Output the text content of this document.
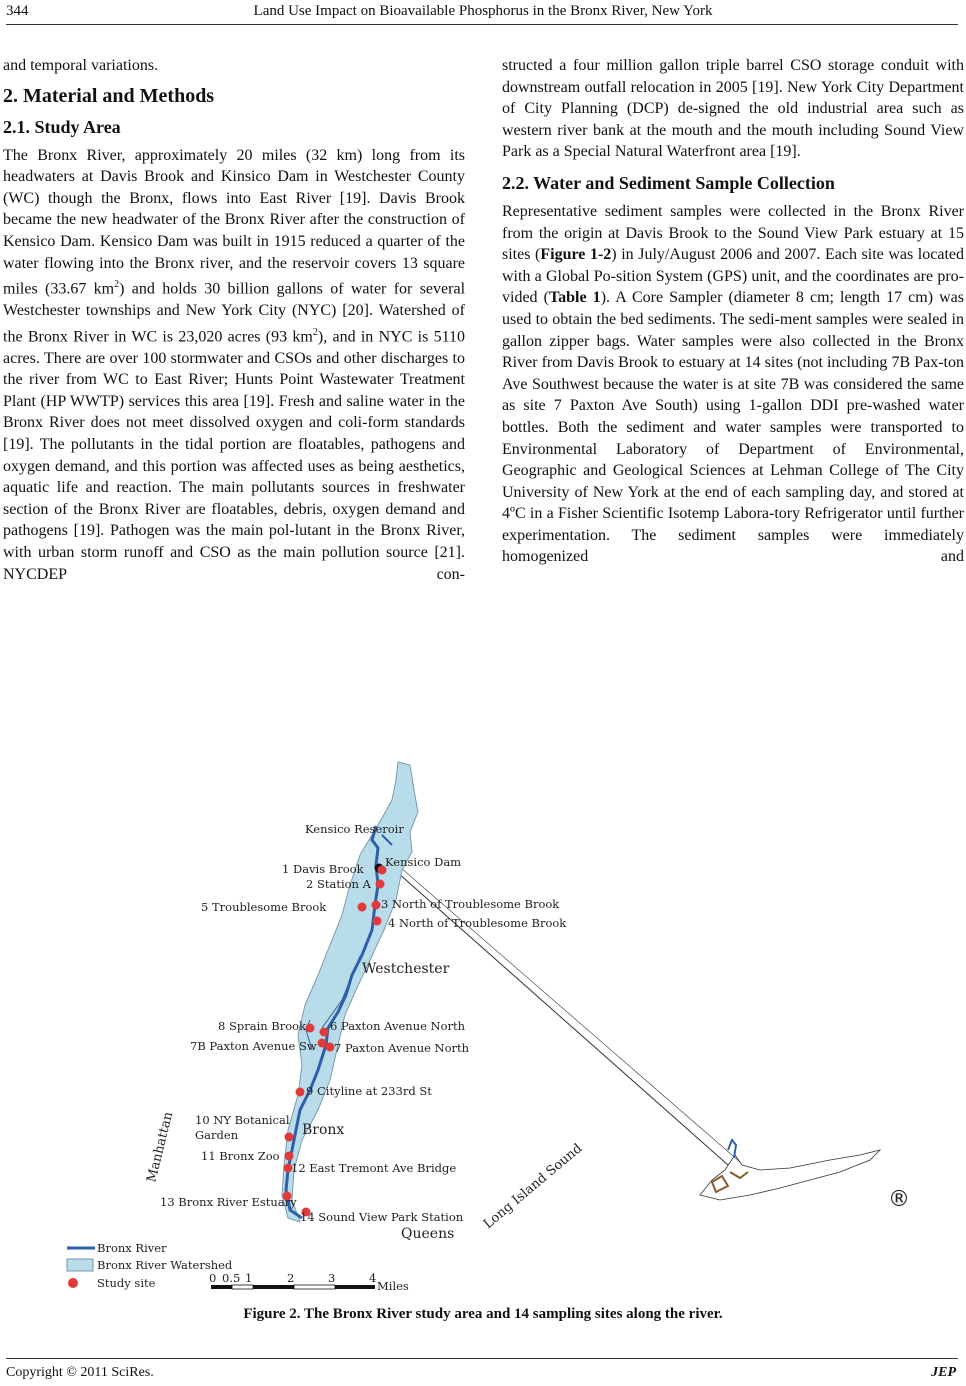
344	Land Use Impact on Bioavailable Phosphorus in the Bronx River, New York

and temporal variations.

2. Material and Methods
2.1. Study Area

The Bronx River, approximately 20 miles (32 km) long from its headwaters at Davis Brook and Kinsico Dam in Westchester County (WC) though the Bronx, flows into East River [19]. Davis Brook became the new headwater of the Bronx River after the construction of Kensico Dam. Kensico Dam was built in 1915 reduced a quarter of the water flowing into the Bronx river, and the reservoir covers 13 square miles (33.67 $km^2$) and holds 30 billion gallons of water for several Westchester townships and New York City (NYC) [20]. Watershed of the Bronx River in WC is 23,020 acres (93 $km^2$), and in NYC is 5110 acres. There are over 100 stormwater and CSOs and other discharges to the river from WC to East River; Hunts Point Wastewater Treatment Plant (HP WWTP) services this area [19]. Fresh and saline water in the Bronx River does not meet dissolved oxygen and coli-form standards [19]. The pollutants in the tidal portion are floatables, pathogens and oxygen demand, and this portion was affected uses as being aesthetics, aquatic life and reaction. The main pollutants sources in freshwater section of the Bronx River are floatables, debris, oxygen demand and pathogens [19]. Pathogen was the main pol-lutant in the Bronx River, with urban storm runoff and CSO as the main pollution source [21]. NYCDEP con-

structed a four million gallon triple barrel CSO storage conduit with downstream outfall relocation in 2005 [19]. New York City Department of City Planning (DCP) de-signed the old industrial area such as western river bank at the mouth and the mouth including Sound View Park as a Special Natural Waterfront area [19].

2.2. Water and Sediment Sample Collection

Representative sediment samples were collected in the Bronx River from the origin at Davis Brook to the Sound View Park estuary at 15 sites (Figure 1-2) in July/August 2006 and 2007. Each site was located with a Global Po-sition System (GPS) unit, and the coordinates are pro-vided (Table 1). A Core Sampler (diameter 8 cm; length 17 cm) was used to obtain the bed sediments. The sedi-ment samples were sealed in gallon zipper bags. Water samples were also collected in the Bronx River from Davis Brook to estuary at 14 sites (not including 7B Pax-ton Ave Southwest because the water is at site 7B was considered the same as site 7 Paxton Ave South) using 1-gallon DDI pre-washed water bottles. Both the sediment and water samples were transported to Environmental Laboratory of Department of Environmental, Geographic and Geological Sciences at Lehman College of The City University of New York at the end of each sampling day, and stored at 4ºC in a Fisher Scientific Isotemp Labora-tory Refrigerator until further experimentation. The sediment samples were immediately homogenized and

Kensico Reseroir
Kensico Dam
1 Davis Brook
2 Station A
5 Troublesome Brook	3 North of Troublesome Brook
4 North of Troublesome Brook
Westchester
8 Sprain Brook 6 Paxton Avenue North
7B Paxton Avenue Sw 7 Paxton Avenue North
9 Cityline at 233rd St
10 NY Botanical
Garden	Bronx
Manhattan 11 Bronx Zoo
12 East Tremont Ave Bridge
13 Bronx River Estuary
14 Sound View Park Station Long Island Sound
Queens
®
Bronx River
Bronx River Watershed
Study site	0 0.5 1	2	3	4
Miles
Figure 2. The Bronx River study area and 14 sampling sites along the river.
Copyright © 2011 SciRes.	JEP
